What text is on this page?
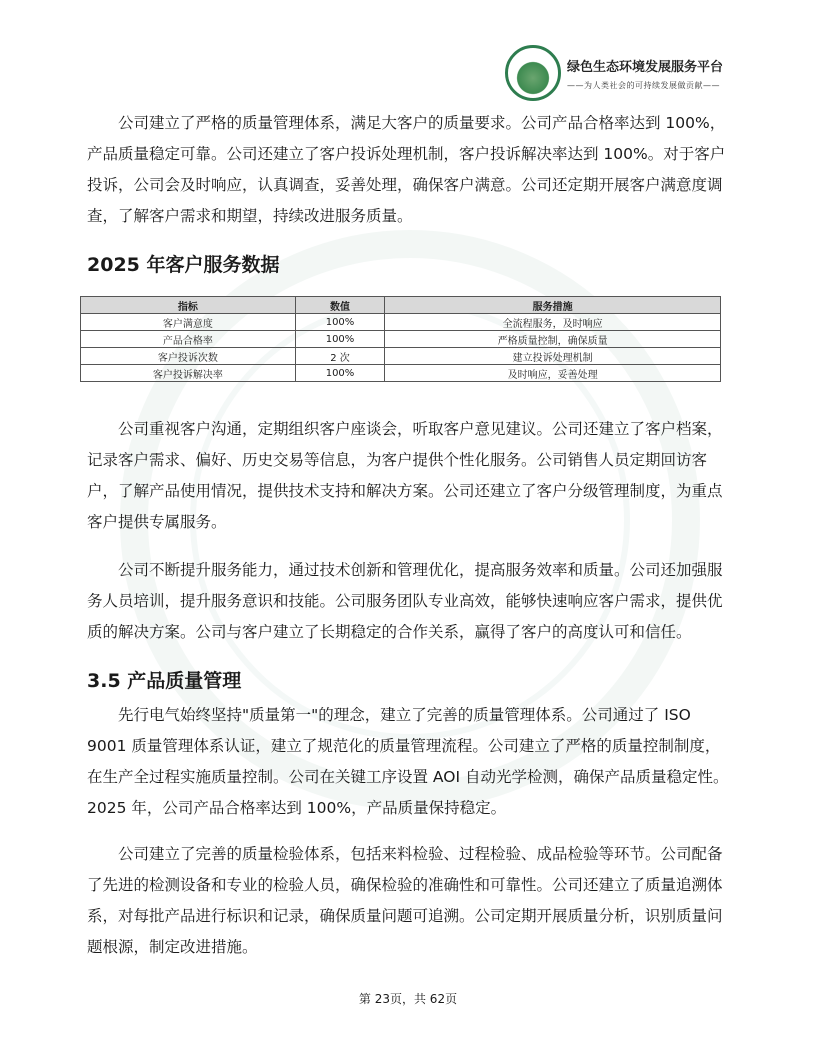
绿色生态环境发展服务平台
——为人类社会的可持续发展做贡献——
公司建立了严格的质量管理体系，满足大客户的质量要求。公司产品合格率达到 100%，产品质量稳定可靠。公司还建立了客户投诉处理机制，客户投诉解决率达到 100%。对于客户投诉，公司会及时响应，认真调查，妥善处理，确保客户满意。公司还定期开展客户满意度调查，了解客户需求和期望，持续改进服务质量。
2025 年客户服务数据
指标	数值	服务措施
客户满意度	100%	全流程服务，及时响应
产品合格率	100%	严格质量控制，确保质量
客户投诉次数	2 次	建立投诉处理机制
客户投诉解决率	100%	及时响应，妥善处理
公司重视客户沟通，定期组织客户座谈会，听取客户意见建议。公司还建立了客户档案，记录客户需求、偏好、历史交易等信息，为客户提供个性化服务。公司销售人员定期回访客户，了解产品使用情况，提供技术支持和解决方案。公司还建立了客户分级管理制度，为重点客户提供专属服务。
公司不断提升服务能力，通过技术创新和管理优化，提高服务效率和质量。公司还加强服务人员培训，提升服务意识和技能。公司服务团队专业高效，能够快速响应客户需求，提供优质的解决方案。公司与客户建立了长期稳定的合作关系，赢得了客户的高度认可和信任。
3.5 产品质量管理
先行电气始终坚持"质量第一"的理念，建立了完善的质量管理体系。公司通过了 ISO 9001 质量管理体系认证，建立了规范化的质量管理流程。公司建立了严格的质量控制制度，在生产全过程实施质量控制。公司在关键工序设置 AOI 自动光学检测，确保产品质量稳定性。2025 年，公司产品合格率达到 100%，产品质量保持稳定。
公司建立了完善的质量检验体系，包括来料检验、过程检验、成品检验等环节。公司配备了先进的检测设备和专业的检验人员，确保检验的准确性和可靠性。公司还建立了质量追溯体系，对每批产品进行标识和记录，确保质量问题可追溯。公司定期开展质量分析，识别质量问题根源，制定改进措施。
第 23页，共 62页
